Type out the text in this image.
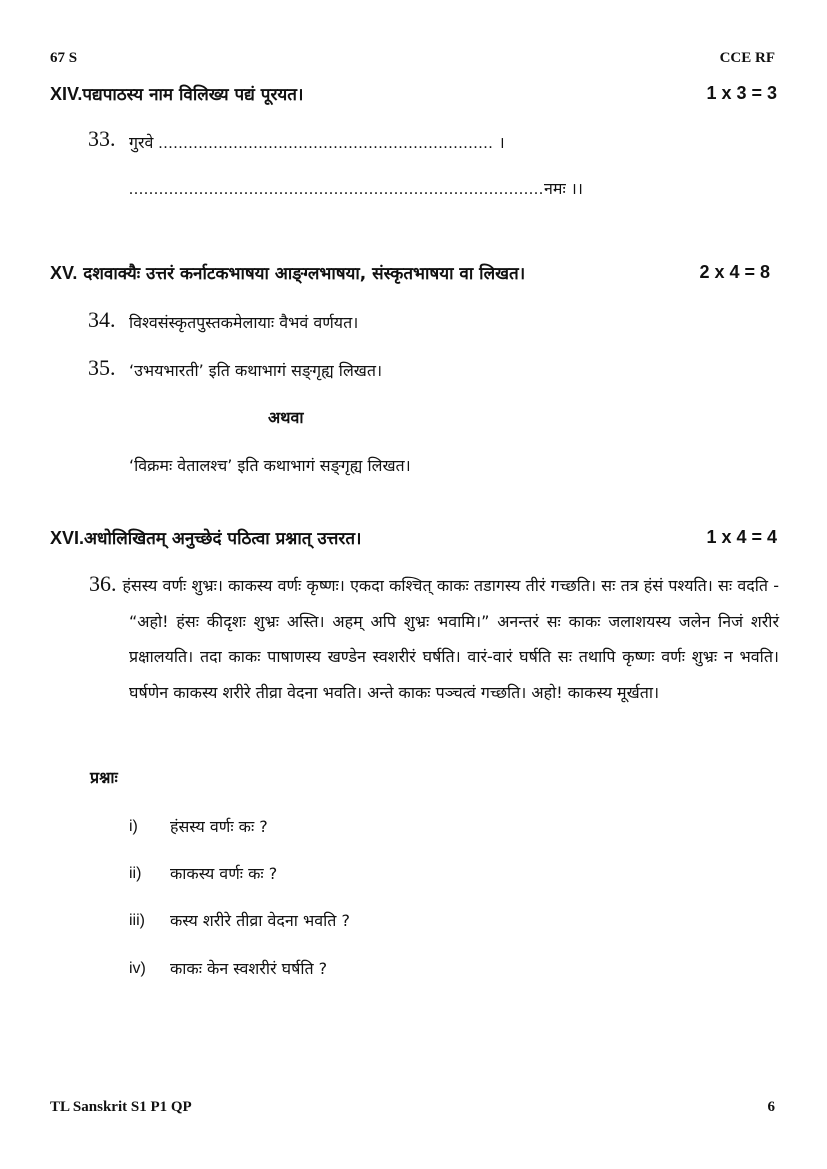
67 S	CCE RF
XIV.पद्यपाठस्य नाम विलिख्य पद्यं पूरयत।	1 x 3 = 3
33. गुरवे ................................................................... ।
...................................................................................नमः ।।
XV. दशवाक्यैः उत्तरं कर्नाटकभाषया आङ्ग्लभाषया, संस्कृतभाषया वा लिखत।	2 x 4 = 8
34. विश्वसंस्कृतपुस्तकमेलायाः वैभवं वर्णयत।
35. ‘उभयभारती’ इति कथाभागं सङ्गृह्य लिखत।
अथवा
‘विक्रमः वेतालश्च’ इति कथाभागं सङ्गृह्य लिखत।
XVI.अधोलिखितम् अनुच्छेदं पठित्वा प्रश्नात् उत्तरत।	1 x 4 = 4
36. हंसस्य वर्णः शुभ्रः। काकस्य वर्णः कृष्णः। एकदा कश्चित् काकः तडागस्य तीरं गच्छति। सः तत्र हंसं पश्यति। सः वदति - “अहो! हंसः कीदृशः शुभ्रः अस्ति। अहम् अपि शुभ्रः भवामि।” अनन्तरं सः काकः जलाशयस्य जलेन निजं शरीरं प्रक्षालयति। तदा काकः पाषाणस्य खण्डेन स्वशरीरं घर्षति। वारं-वारं घर्षति सः तथापि कृष्णः वर्णः शुभ्रः न भवति। घर्षणेन काकस्य शरीरे तीव्रा वेदना भवति। अन्ते काकः पञ्चत्वं गच्छति। अहो! काकस्य मूर्खता।
प्रश्नाः
i) हंसस्य वर्णः कः ?
ii) काकस्य वर्णः कः ?
iii) कस्य शरीरे तीव्रा वेदना भवति ?
iv) काकः केन स्वशरीरं घर्षति ?
TL Sanskrit S1 P1 QP	6
